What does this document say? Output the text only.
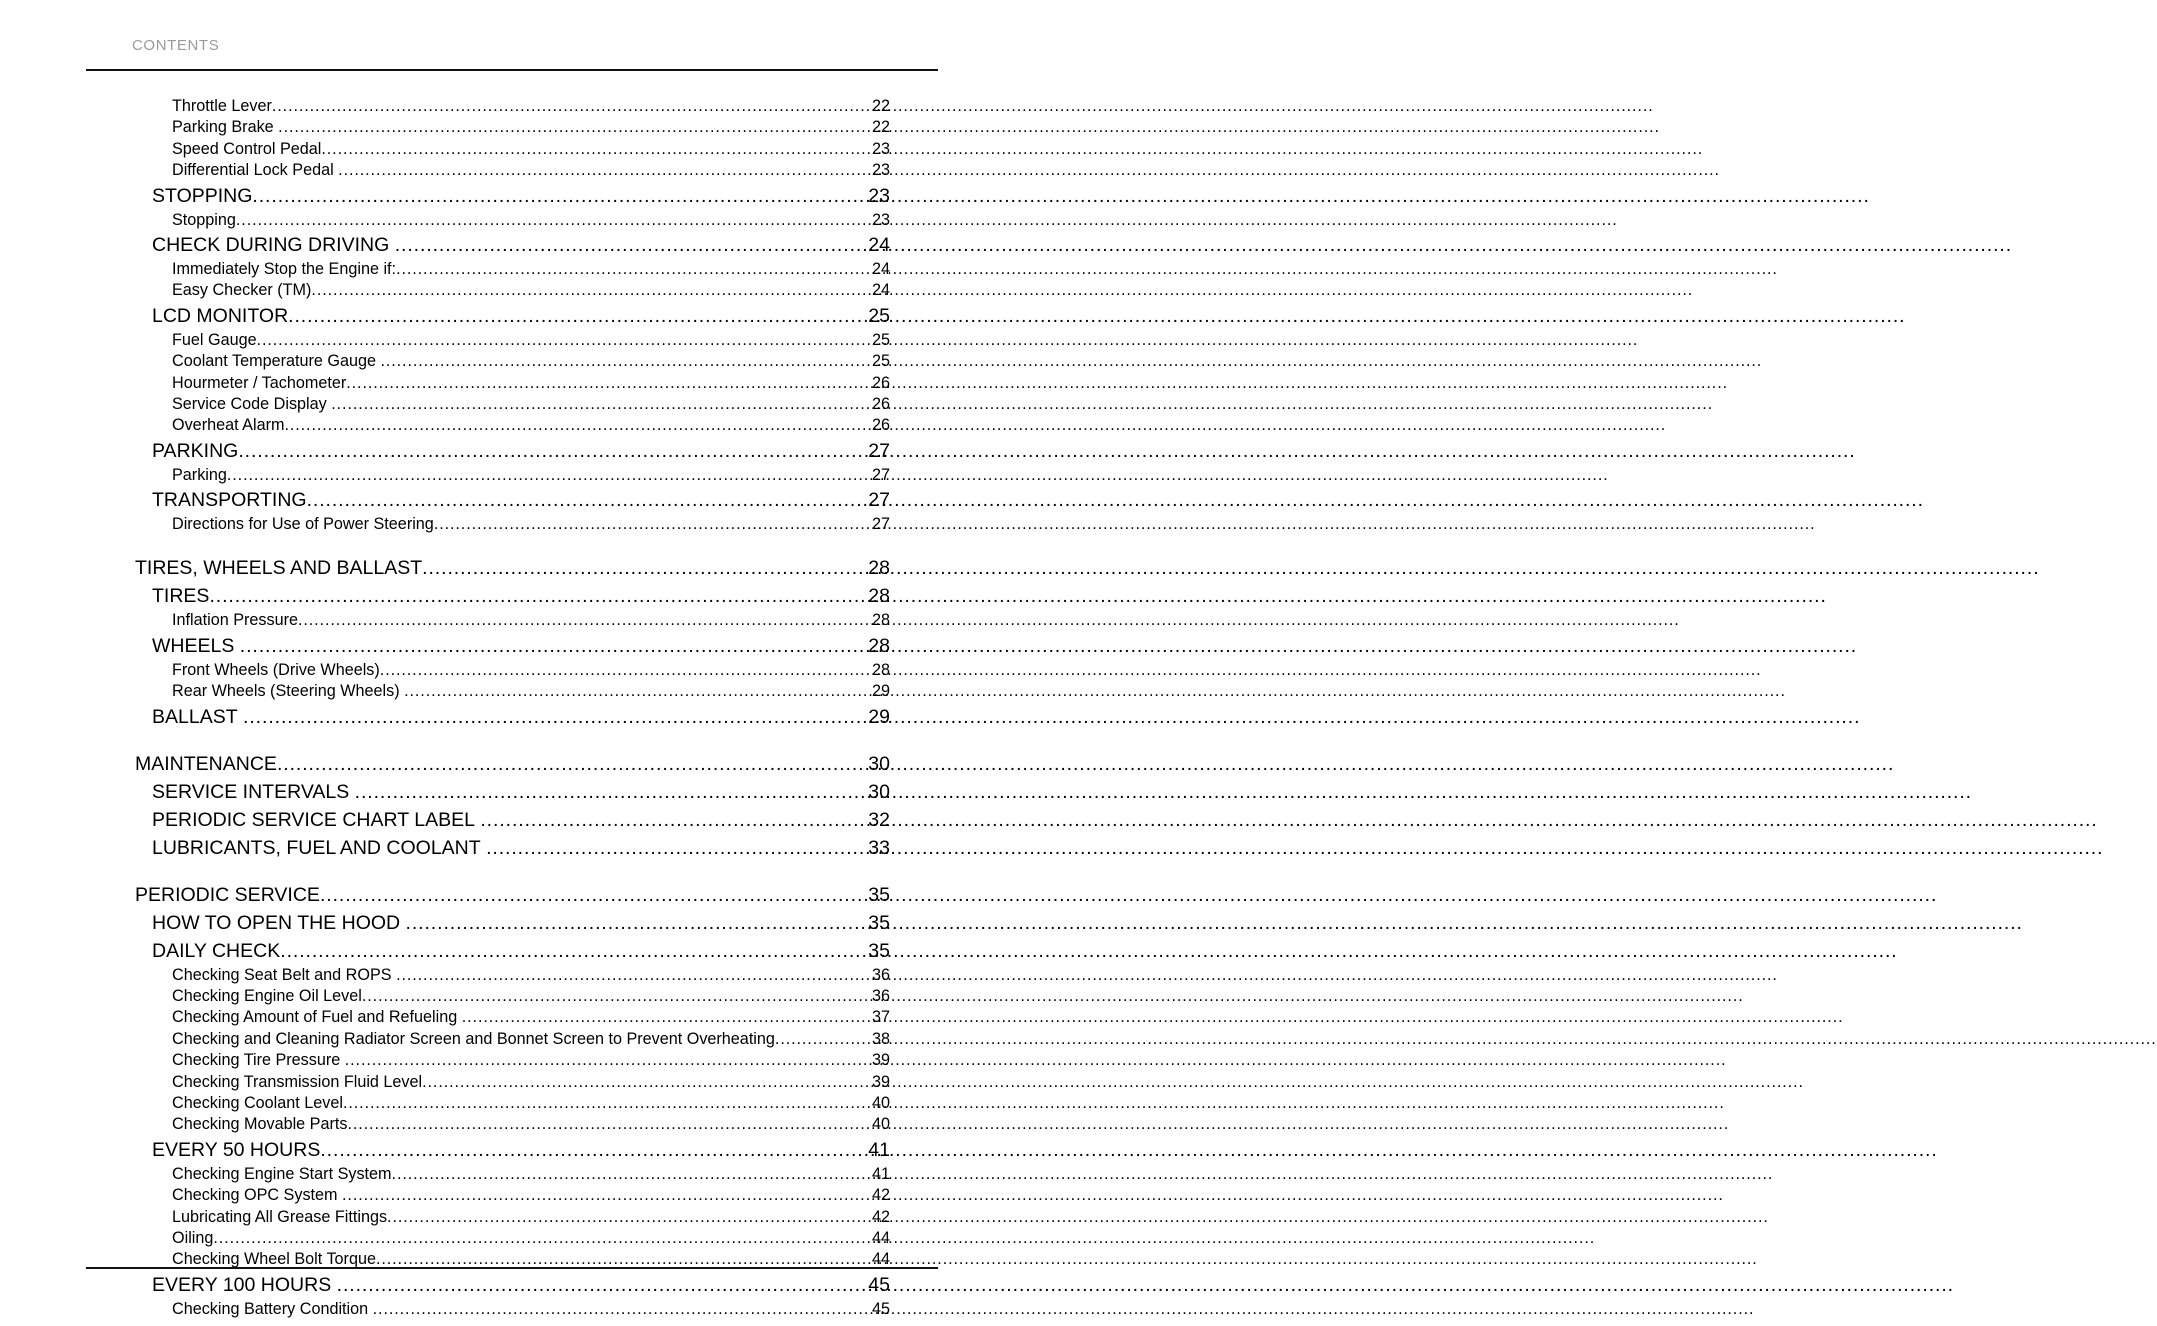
CONTENTS
Throttle Lever .....	22
Parking Brake .....	22
Speed Control Pedal .....	23
Differential Lock Pedal .....	23
STOPPING .....	23
Stopping .....	23
CHECK DURING DRIVING .....	24
Immediately Stop the Engine if: .....	24
Easy Checker (TM) .....	24
LCD MONITOR .....	25
Fuel Gauge .....	25
Coolant Temperature Gauge .....	25
Hourmeter / Tachometer .....	26
Service Code Display .....	26
Overheat Alarm .....	26
PARKING .....	27
Parking .....	27
TRANSPORTING .....	27
Directions for Use of Power Steering .....	27
TIRES, WHEELS AND BALLAST .....	28
TIRES .....	28
Inflation Pressure .....	28
WHEELS .....	28
Front Wheels (Drive Wheels) .....	28
Rear Wheels (Steering Wheels) .....	29
BALLAST .....	29
MAINTENANCE .....	30
SERVICE INTERVALS .....	30
PERIODIC SERVICE CHART LABEL .....	32
LUBRICANTS, FUEL AND COOLANT .....	33
PERIODIC SERVICE .....	35
HOW TO OPEN THE HOOD .....	35
DAILY CHECK .....	35
Checking Seat Belt and ROPS .....	36
Checking Engine Oil Level .....	36
Checking Amount of Fuel and Refueling .....	37
Checking and Cleaning Radiator Screen and Bonnet Screen to Prevent Overheating .....	38
Checking Tire Pressure .....	39
Checking Transmission Fluid Level .....	39
Checking Coolant Level .....	40
Checking Movable Parts .....	40
EVERY 50 HOURS .....	41
Checking Engine Start System .....	41
Checking OPC System .....	42
Lubricating All Grease Fittings .....	42
Oiling .....	44
Checking Wheel Bolt Torque .....	44
EVERY 100 HOURS .....	45
Checking Battery Condition .....	45
